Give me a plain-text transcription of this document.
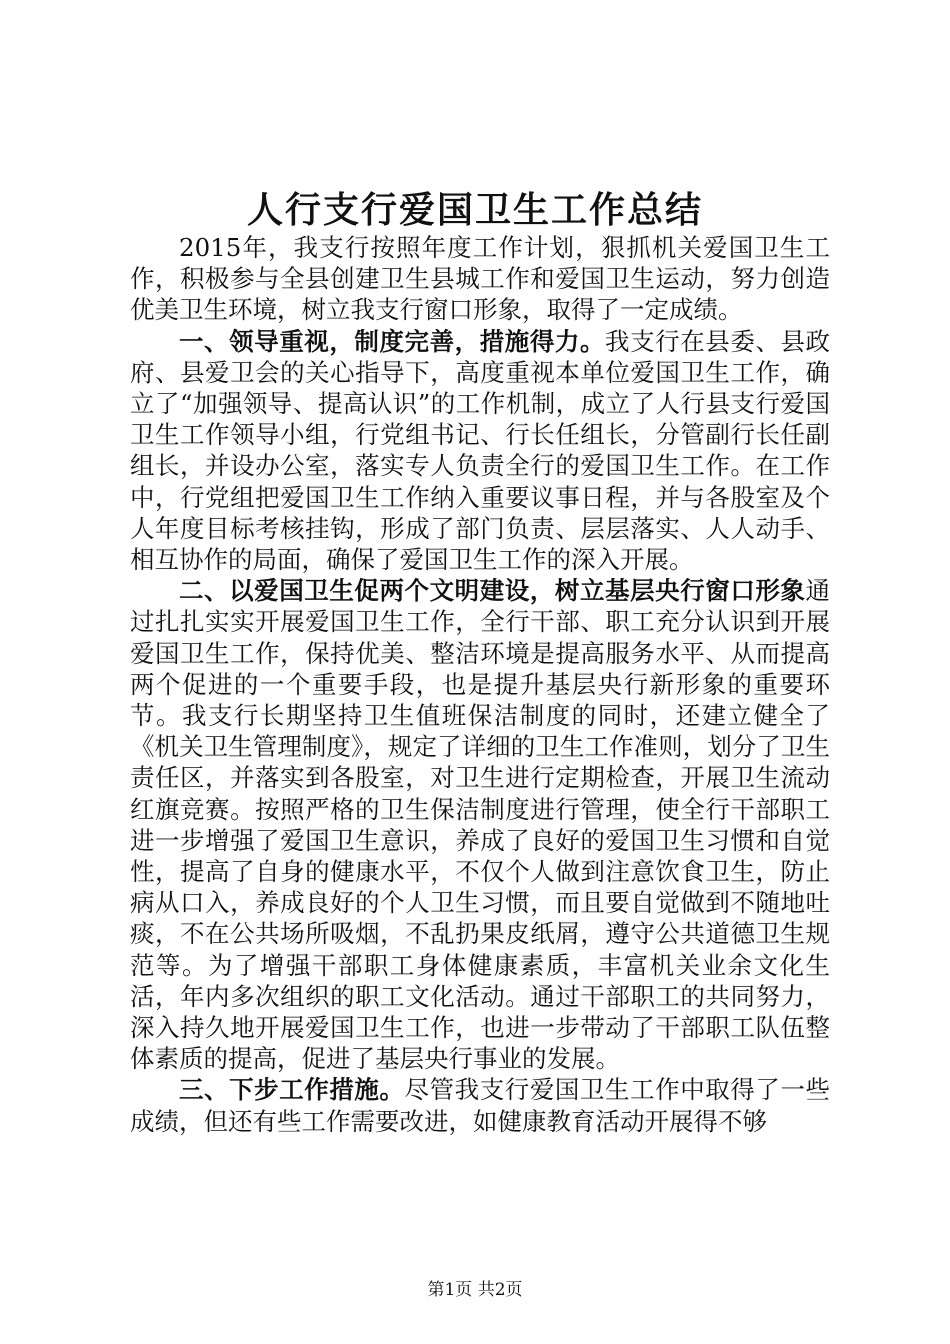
人行支行爱国卫生工作总结

2015年，我支行按照年度工作计划，狠抓机关爱国卫生工作，积极参与全县创建卫生县城工作和爱国卫生运动，努力创造优美卫生环境，树立我支行窗口形象，取得了一定成绩。

一、领导重视，制度完善，措施得力。我支行在县委、县政府、县爱卫会的关心指导下，高度重视本单位爱国卫生工作，确立了“加强领导、提高认识”的工作机制，成立了人行县支行爱国卫生工作领导小组，行党组书记、行长任组长，分管副行长任副组长，并设办公室，落实专人负责全行的爱国卫生工作。在工作中，行党组把爱国卫生工作纳入重要议事日程，并与各股室及个人年度目标考核挂钩，形成了部门负责、层层落实、人人动手、相互协作的局面，确保了爱国卫生工作的深入开展。

二、以爱国卫生促两个文明建设，树立基层央行窗口形象通过扎扎实实开展爱国卫生工作，全行干部、职工充分认识到开展爱国卫生工作，保持优美、整洁环境是提高服务水平、从而提高两个促进的一个重要手段，也是提升基层央行新形象的重要环节。我支行长期坚持卫生值班保洁制度的同时，还建立健全了《机关卫生管理制度》，规定了详细的卫生工作准则，划分了卫生责任区，并落实到各股室，对卫生进行定期检查，开展卫生流动红旗竞赛。按照严格的卫生保洁制度进行管理，使全行干部职工进一步增强了爱国卫生意识，养成了良好的爱国卫生习惯和自觉性，提高了自身的健康水平，不仅个人做到注意饮食卫生，防止病从口入，养成良好的个人卫生习惯，而且要自觉做到不随地吐痰，不在公共场所吸烟，不乱扔果皮纸屑，遵守公共道德卫生规范等。为了增强干部职工身体健康素质，丰富机关业余文化生活，年内多次组织的职工文化活动。通过干部职工的共同努力，深入持久地开展爱国卫生工作，也进一步带动了干部职工队伍整体素质的提高，促进了基层央行事业的发展。

三、下步工作措施。尽管我支行爱国卫生工作中取得了一些成绩，但还有些工作需要改进，如健康教育活动开展得不够

第1页 共2页
